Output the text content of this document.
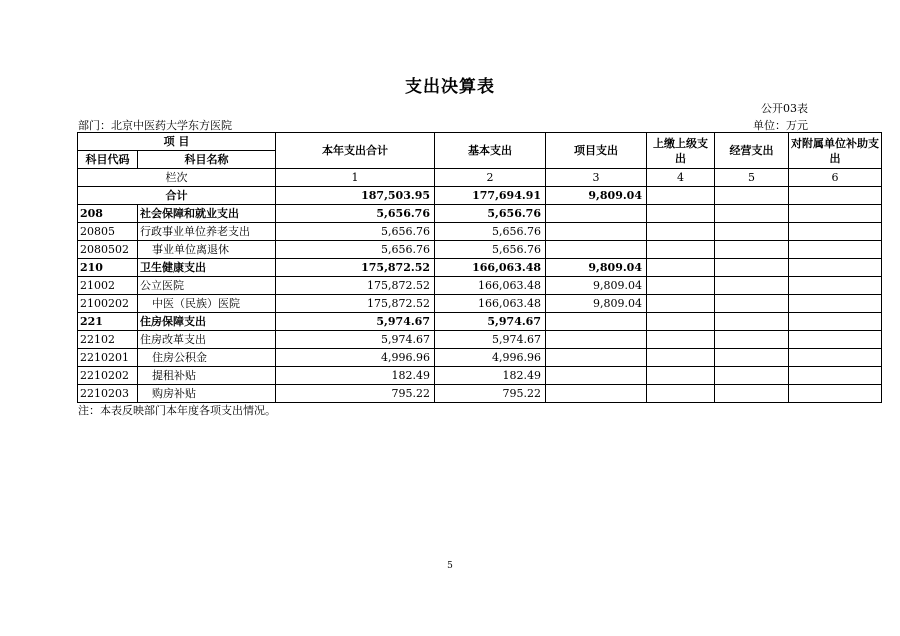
支出决算表
公开03表
部门：北京中医药大学东方医院	单位：万元
项 目		本年支出合计	基本支出	项目支出	上缴上级支出	经营支出	对附属单位补助支出
科目代码	科目名称						
栏次		1	2	3	4	5	6
合计		187,503.95	177,694.91	9,809.04			
208	社会保障和就业支出	5,656.76	5,656.76				
20805	行政事业单位养老支出	5,656.76	5,656.76				
2080502	事业单位离退休	5,656.76	5,656.76				
210	卫生健康支出	175,872.52	166,063.48	9,809.04			
21002	公立医院	175,872.52	166,063.48	9,809.04			
2100202	中医（民族）医院	175,872.52	166,063.48	9,809.04			
221	住房保障支出	5,974.67	5,974.67				
22102	住房改革支出	5,974.67	5,974.67				
2210201	住房公积金	4,996.96	4,996.96				
2210202	提租补贴	182.49	182.49				
2210203	购房补贴	795.22	795.22				
注：本表反映部门本年度各项支出情况。
5
